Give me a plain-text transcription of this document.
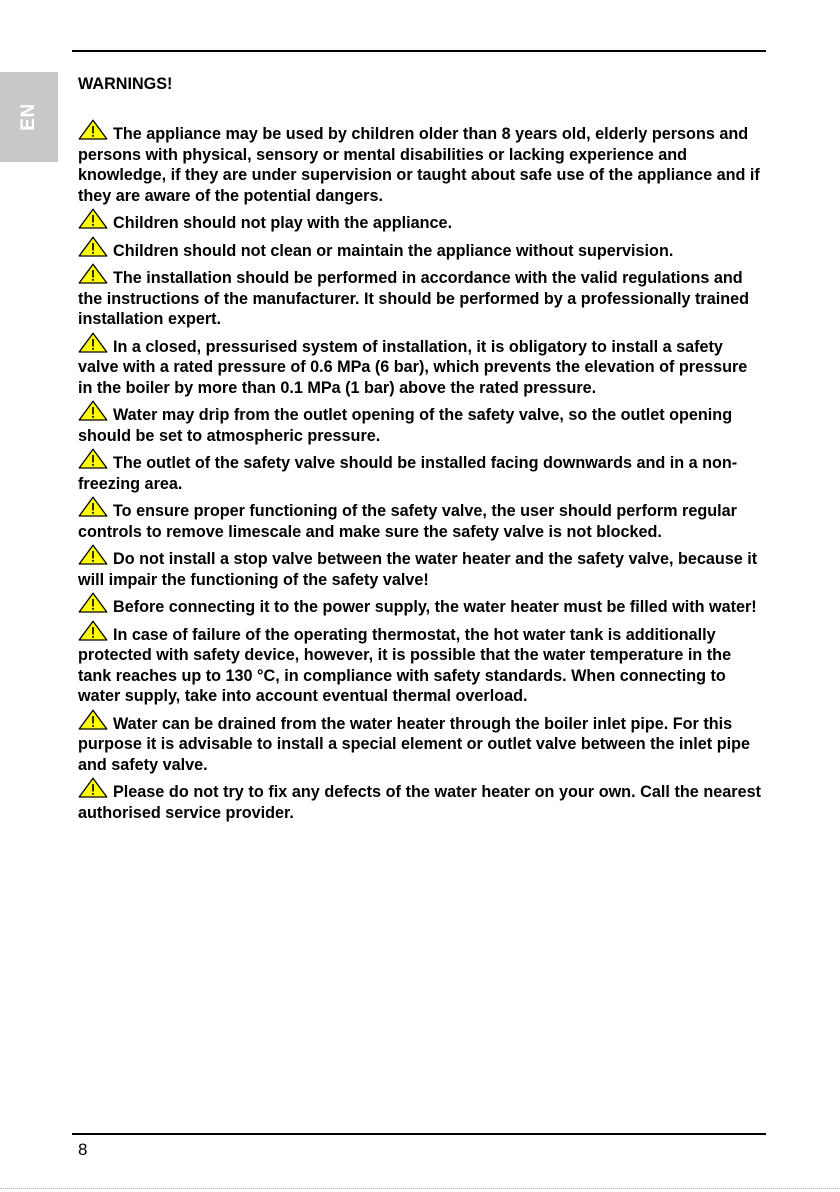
EN
WARNINGS!
The appliance may be used by children older than 8 years old, elderly persons and persons with physical, sensory or mental disabilities or lacking experience and knowledge, if they are under supervision or taught about safe use of the appliance and if they are aware of the potential dangers.
Children should not play with the appliance.
Children should not clean or maintain the appliance without supervision.
The installation should be performed in accordance with the valid regulations and the instructions of the manufacturer. It should be performed by a professionally trained installation expert.
In a closed, pressurised system of installation, it is obligatory to install a safety valve with a rated pressure of 0.6 MPa (6 bar), which prevents the elevation of pressure in the boiler by more than 0.1 MPa (1 bar) above the rated pressure.
Water may drip from the outlet opening of the safety valve, so the outlet opening should be set to atmospheric pressure.
The outlet of the safety valve should be installed facing downwards and in a non-freezing area.
To ensure proper functioning of the safety valve, the user should perform regular controls to remove limescale and make sure the safety valve is not blocked.
Do not install a stop valve between the water heater and the safety valve, because it will impair the functioning of the safety valve!
Before connecting it to the power supply, the water heater must be filled with water!
In case of failure of the operating thermostat, the hot water tank is additionally protected with safety device, however, it is possible that the water temperature in the tank reaches up to 130 °C, in compliance with safety standards. When connecting to water supply, take into account eventual thermal overload.
Water can be drained from the water heater through the boiler inlet pipe. For this purpose it is advisable to install a special element or outlet valve between the inlet pipe and safety valve.
Please do not try to fix any defects of the water heater on your own. Call the nearest authorised service provider.
8
